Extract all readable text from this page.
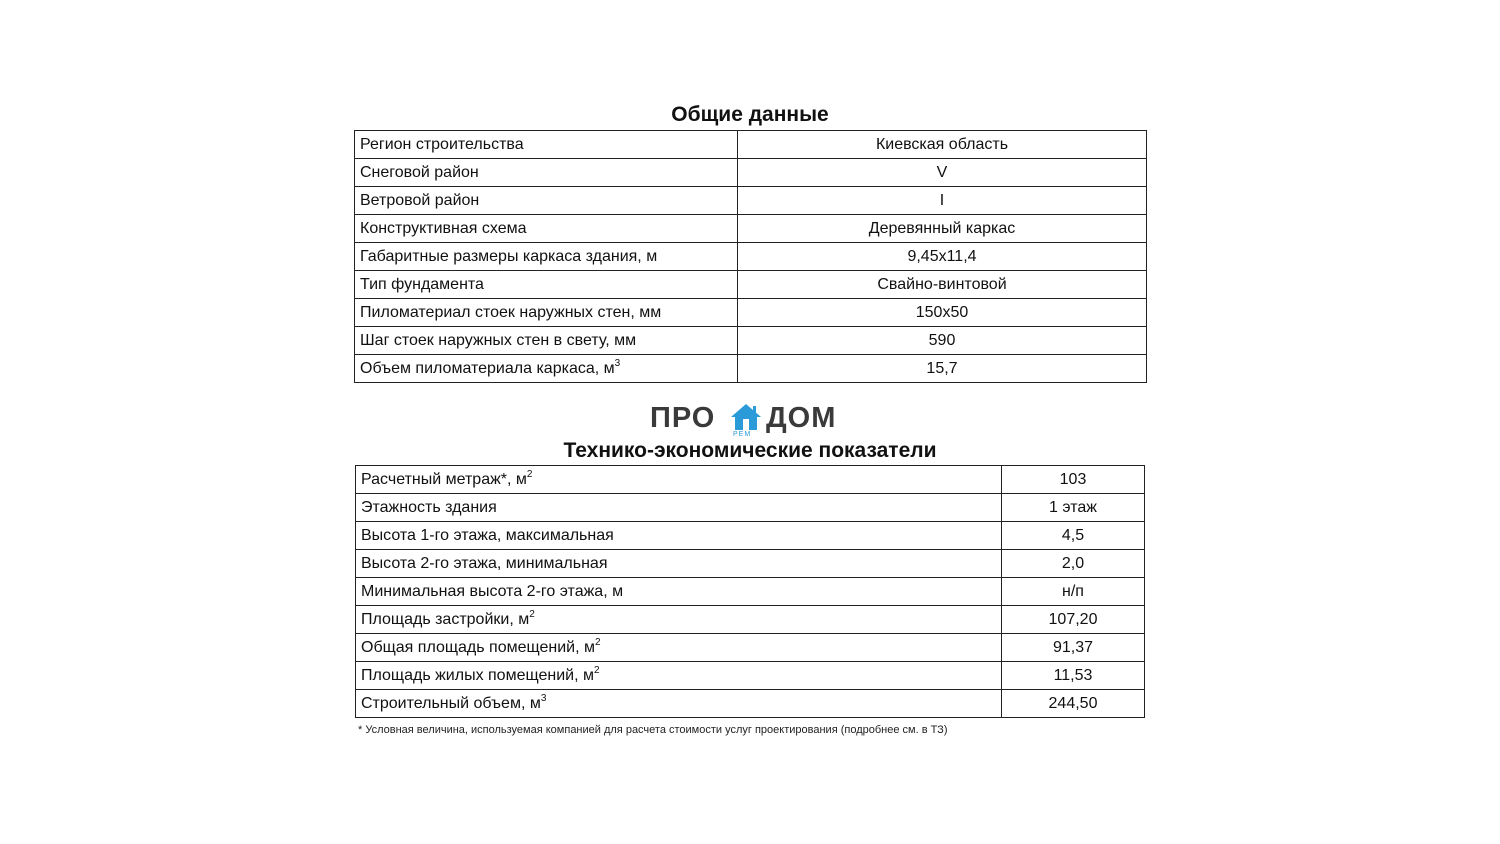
Общие данные
Регион строительства	Киевская область
Снеговой район	V
Ветровой район	I
Конструктивная схема	Деревянный каркас
Габаритные размеры каркаса здания, м	9,45х11,4
Тип фундамента	Свайно-винтовой
Пиломатериал стоек наружных стен, мм	150х50
Шаг стоек наружных стен в свету, мм	590
Объем пиломатериала каркаса, $м^3$	15,7
ПРО
РЕМ
ДОМ
Технико-экономические показатели
Расчетный метраж*, $м^2$	103
Этажность здания	1 этаж
Высота 1-го этажа, максимальная	4,5
Высота 2-го этажа, минимальная	2,0
Минимальная высота 2-го этажа, м	н/п
Площадь застройки, $м^2$	107,20
Общая площадь помещений, $м^2$	91,37
Площадь жилых помещений, $м^2$	11,53
Строительный объем, $м^3$	244,50
* Условная величина, используемая компанией для расчета стоимости услуг проектирования (подробнее см. в ТЗ)
